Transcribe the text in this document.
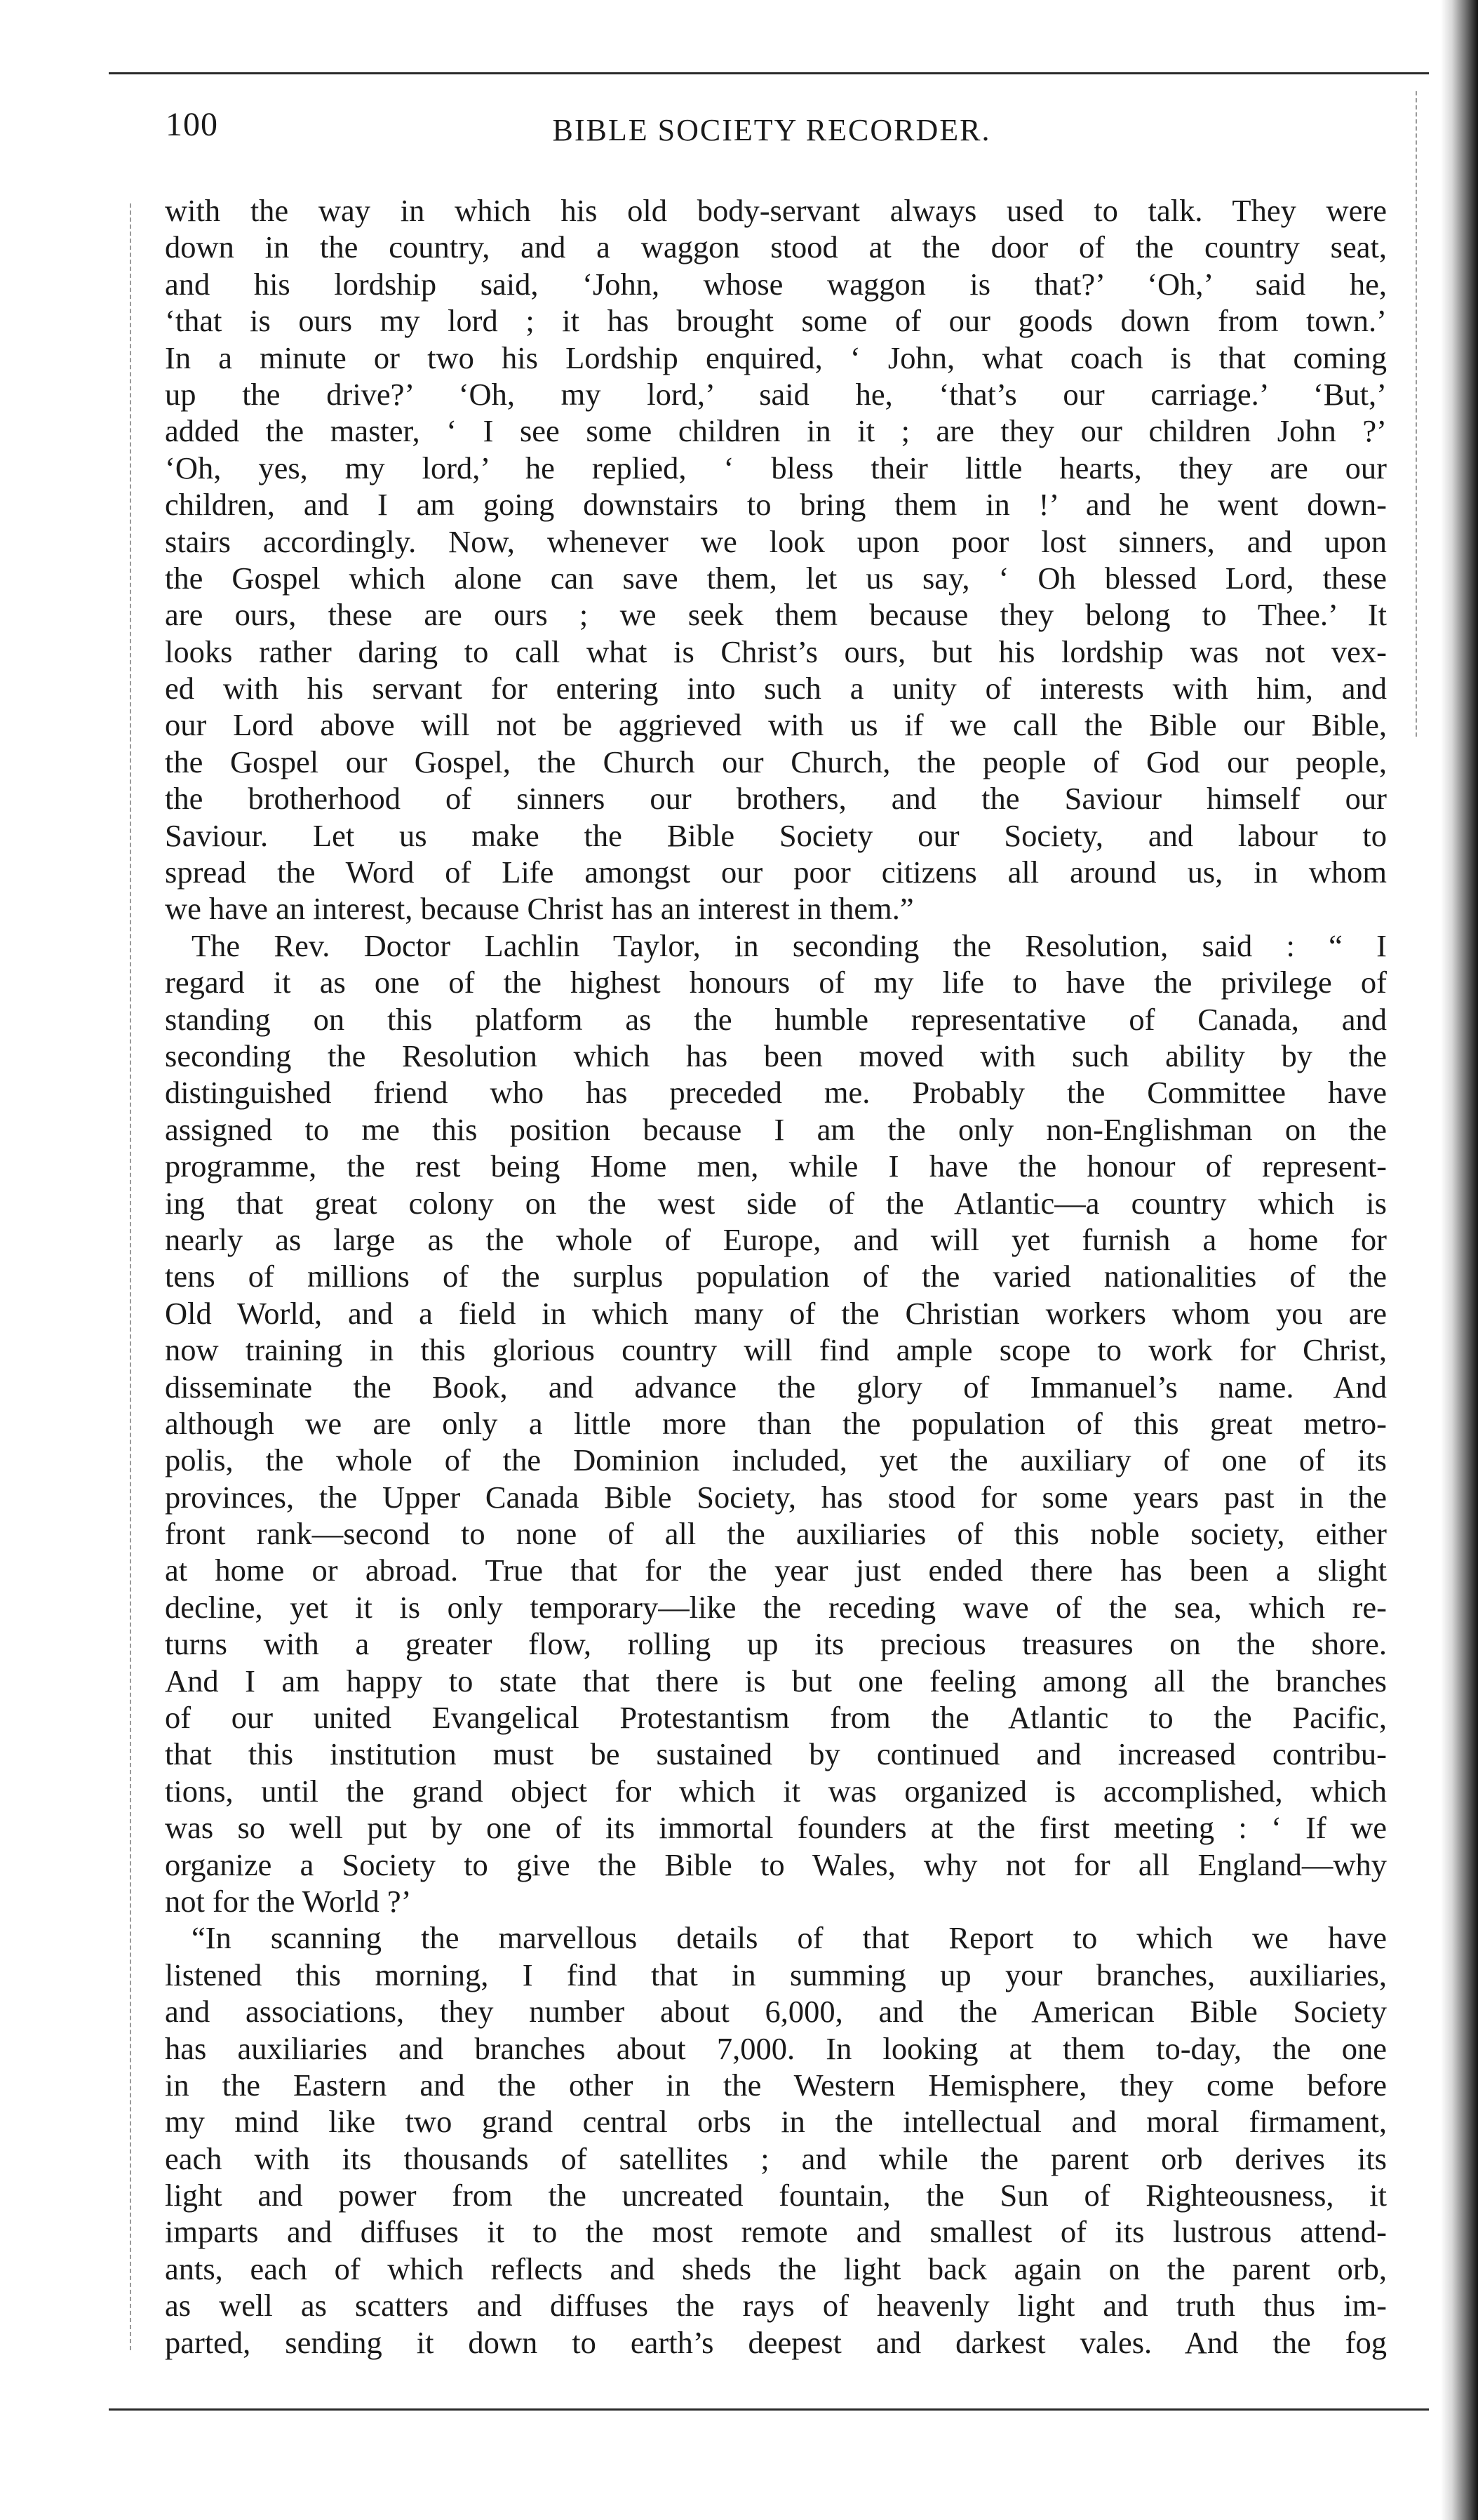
100	BIBLE SOCIETY RECORDER.
with the way in which his old body-servant always used to talk. They were
down in the country, and a waggon stood at the door of the country seat,
and his lordship said, ‘John, whose waggon is that?’ ‘Oh,’ said he,
‘that is ours my lord ; it has brought some of our goods down from town.’
In a minute or two his Lordship enquired, ‘ John, what coach is that coming
up the drive?’ ‘Oh, my lord,’ said he, ‘that’s our carriage.’ ‘But,’
added the master, ‘ I see some children in it ; are they our children John ?’
‘Oh, yes, my lord,’ he replied, ‘ bless their little hearts, they are our
children, and I am going downstairs to bring them in !’ and he went down-
stairs accordingly. Now, whenever we look upon poor lost sinners, and upon
the Gospel which alone can save them, let us say, ‘ Oh blessed Lord, these
are ours, these are ours ; we seek them because they belong to Thee.’ It
looks rather daring to call what is Christ’s ours, but his lordship was not vex-
ed with his servant for entering into such a unity of interests with him, and
our Lord above will not be aggrieved with us if we call the Bible our Bible,
the Gospel our Gospel, the Church our Church, the people of God our people,
the brotherhood of sinners our brothers, and the Saviour himself our
Saviour. Let us make the Bible Society our Society, and labour to
spread the Word of Life amongst our poor citizens all around us, in whom
we have an interest, because Christ has an interest in them.”
The Rev. Doctor Lachlin Taylor, in seconding the Resolution, said : “ I
regard it as one of the highest honours of my life to have the privilege of
standing on this platform as the humble representative of Canada, and
seconding the Resolution which has been moved with such ability by the
distinguished friend who has preceded me. Probably the Committee have
assigned to me this position because I am the only non-Englishman on the
programme, the rest being Home men, while I have the honour of represent-
ing that great colony on the west side of the Atlantic—a country which is
nearly as large as the whole of Europe, and will yet furnish a home for
tens of millions of the surplus population of the varied nationalities of the
Old World, and a field in which many of the Christian workers whom you are
now training in this glorious country will find ample scope to work for Christ,
disseminate the Book, and advance the glory of Immanuel’s name. And
although we are only a little more than the population of this great metro-
polis, the whole of the Dominion included, yet the auxiliary of one of its
provinces, the Upper Canada Bible Society, has stood for some years past in the
front rank—second to none of all the auxiliaries of this noble society, either
at home or abroad. True that for the year just ended there has been a slight
decline, yet it is only temporary—like the receding wave of the sea, which re-
turns with a greater flow, rolling up its precious treasures on the shore.
And I am happy to state that there is but one feeling among all the branches
of our united Evangelical Protestantism from the Atlantic to the Pacific,
that this institution must be sustained by continued and increased contribu-
tions, until the grand object for which it was organized is accomplished, which
was so well put by one of its immortal founders at the first meeting : ‘ If we
organize a Society to give the Bible to Wales, why not for all England—why
not for the World ?’
“In scanning the marvellous details of that Report to which we have
listened this morning, I find that in summing up your branches, auxiliaries,
and associations, they number about 6,000, and the American Bible Society
has auxiliaries and branches about 7,000. In looking at them to-day, the one
in the Eastern and the other in the Western Hemisphere, they come before
my mind like two grand central orbs in the intellectual and moral firmament,
each with its thousands of satellites ; and while the parent orb derives its
light and power from the uncreated fountain, the Sun of Righteousness, it
imparts and diffuses it to the most remote and smallest of its lustrous attend-
ants, each of which reflects and sheds the light back again on the parent orb,
as well as scatters and diffuses the rays of heavenly light and truth thus im-
parted, sending it down to earth’s deepest and darkest vales. And the fog
